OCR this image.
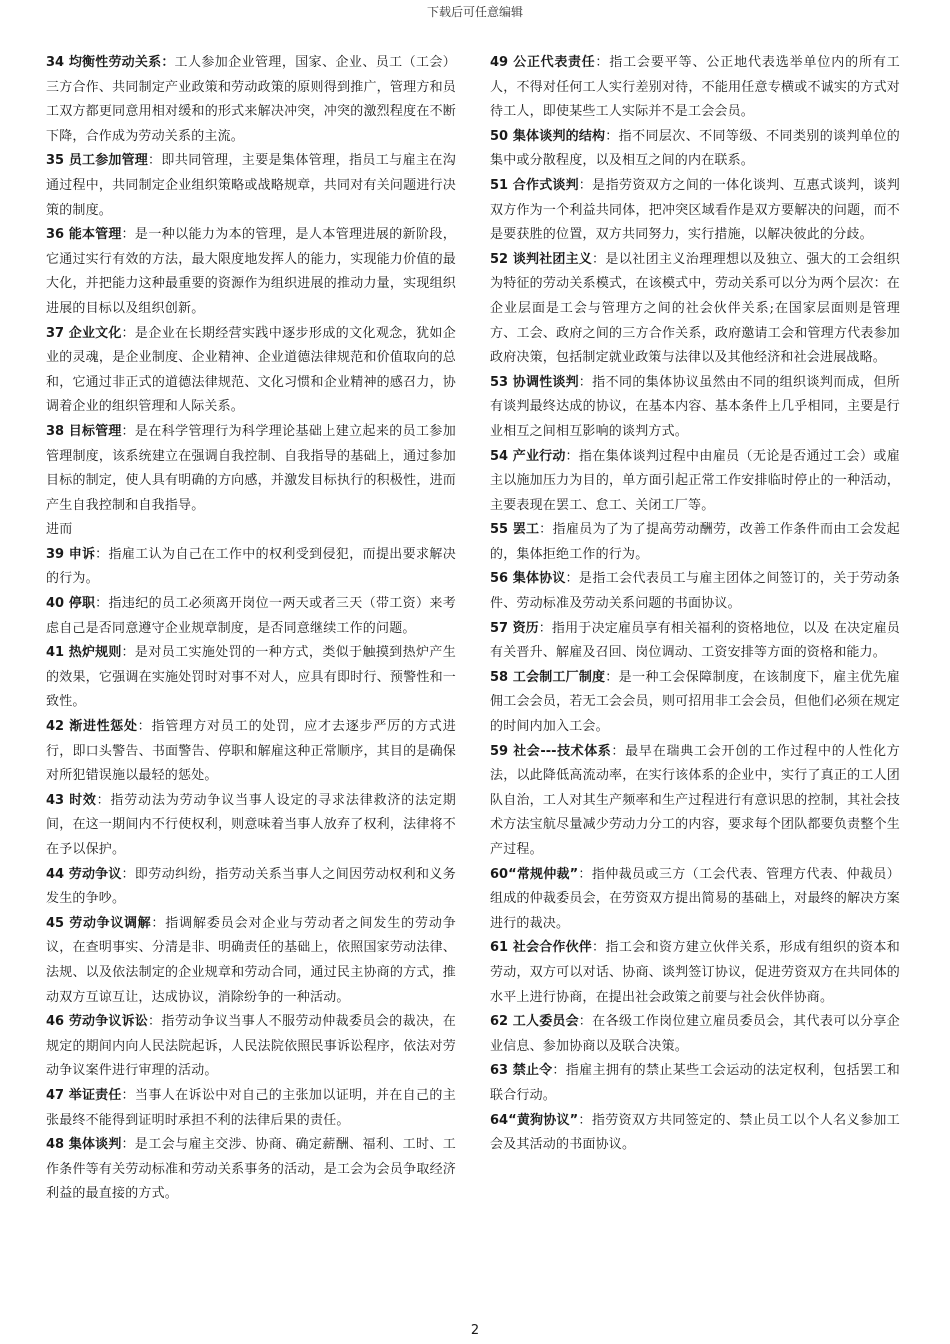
下载后可任意编辑

34 均衡性劳动关系：工人参加企业管理，国家、企业、员工（工会）三方合作、共同制定产业政策和劳动政策的原则得到推广，管理方和员工双方都更同意用相对缓和的形式来解决冲突，冲突的激烈程度在不断下降，合作成为劳动关系的主流。

35 员工参加管理：即共同管理，主要是集体管理，指员工与雇主在沟通过程中，共同制定企业组织策略或战略规章，共同对有关问题进行决策的制度。

36 能本管理：是一种以能力为本的管理，是人本管理进展的新阶段，它通过实行有效的方法，最大限度地发挥人的能力，实现能力价值的最大化，并把能力这种最重要的资源作为组织进展的推动力量，实现组织进展的目标以及组织创新。

37 企业文化：是企业在长期经营实践中逐步形成的文化观念，犹如企业的灵魂，是企业制度、企业精神、企业道德法律规范和价值取向的总和，它通过非正式的道德法律规范、文化习惯和企业精神的感召力，协调着企业的组织管理和人际关系。

38 目标管理：是在科学管理行为科学理论基础上建立起来的员工参加管理制度，该系统建立在强调自我控制、自我指导的基础上，通过参加目标的制定，使人具有明确的方向感，并激发目标执行的积极性，进而产生自我控制和自我指导。

进而

39 申诉：指雇工认为自己在工作中的权利受到侵犯，而提出要求解决的行为。

40 停职：指违纪的员工必须离开岗位一两天或者三天（带工资）来考虑自己是否同意遵守企业规章制度，是否同意继续工作的问题。

41 热炉规则：是对员工实施处罚的一种方式，类似于触摸到热炉产生的效果，它强调在实施处罚时对事不对人，应具有即时行、预警性和一致性。

42 渐进性惩处：指管理方对员工的处罚，应才去逐步严厉的方式进行，即口头警告、书面警告、停职和解雇这种正常顺序，其目的是确保对所犯错误施以最轻的惩处。

43 时效：指劳动法为劳动争议当事人设定的寻求法律救济的法定期间，在这一期间内不行使权利，则意味着当事人放弃了权利，法律将不在予以保护。

44 劳动争议：即劳动纠纷，指劳动关系当事人之间因劳动权利和义务发生的争吵。

45 劳动争议调解：指调解委员会对企业与劳动者之间发生的劳动争议，在查明事实、分清是非、明确责任的基础上，依照国家劳动法律、法规、以及依法制定的企业规章和劳动合同，通过民主协商的方式，推动双方互谅互让，达成协议，消除纷争的一种活动。

46 劳动争议诉讼：指劳动争议当事人不服劳动仲裁委员会的裁决，在规定的期间内向人民法院起诉，人民法院依照民事诉讼程序，依法对劳动争议案件进行审理的活动。

47 举证责任：当事人在诉讼中对自己的主张加以证明，并在自己的主张最终不能得到证明时承担不利的法律后果的责任。

48 集体谈判：是工会与雇主交涉、协商、确定薪酬、福利、工时、工作条件等有关劳动标准和劳动关系事务的活动，是工会为会员争取经济利益的最直接的方式。

49 公正代表责任：指工会要平等、公正地代表选举单位内的所有工人，不得对任何工人实行差别对待，不能用任意专横或不诚实的方式对待工人，即使某些工人实际并不是工会会员。

50 集体谈判的结构：指不同层次、不同等级、不同类别的谈判单位的集中或分散程度，以及相互之间的内在联系。

51 合作式谈判：是指劳资双方之间的一体化谈判、互惠式谈判，谈判双方作为一个利益共同体，把冲突区域看作是双方要解决的问题，而不是要获胜的位置，双方共同努力，实行措施，以解决彼此的分歧。

52 谈判社团主义：是以社团主义治理理想以及独立、强大的工会组织为特征的劳动关系模式，在该模式中，劳动关系可以分为两个层次：在企业层面是工会与管理方之间的社会伙伴关系;在国家层面则是管理方、工会、政府之间的三方合作关系，政府邀请工会和管理方代表参加政府决策，包括制定就业政策与法律以及其他经济和社会进展战略。

53 协调性谈判：指不同的集体协议虽然由不同的组织谈判而成，但所有谈判最终达成的协议，在基本内容、基本条件上几乎相同，主要是行业相互之间相互影响的谈判方式。

54 产业行动：指在集体谈判过程中由雇员（无论是否通过工会）或雇主以施加压力为目的，单方面引起正常工作安排临时停止的一种活动，主要表现在罢工、怠工、关闭工厂等。

55 罢工：指雇员为了为了提高劳动酬劳，改善工作条件而由工会发起的，集体拒绝工作的行为。

56 集体协议：是指工会代表员工与雇主团体之间签订的，关于劳动条件、劳动标准及劳动关系问题的书面协议。

57 资历：指用于决定雇员享有相关福利的资格地位，以及 在决定雇员有关晋升、解雇及召回、岗位调动、工资安排等方面的资格和能力。

58 工会制工厂制度：是一种工会保障制度，在该制度下，雇主优先雇佣工会会员，若无工会会员，则可招用非工会会员，但他们必须在规定的时间内加入工会。

59 社会---技术体系：最早在瑞典工会开创的工作过程中的人性化方法，以此降低高流动率，在实行该体系的企业中，实行了真正的工人团队自治，工人对其生产频率和生产过程进行有意识思的控制，其社会技术方法宝航尽量减少劳动力分工的内容，要求每个团队都要负责整个生产过程。

60“常规仲裁”：指仲裁员或三方（工会代表、管理方代表、仲裁员）组成的仲裁委员会，在劳资双方提出简易的基础上，对最终的解决方案进行的裁决。

61 社会合作伙伴：指工会和资方建立伙伴关系，形成有组织的资本和劳动，双方可以对话、协商、谈判签订协议，促进劳资双方在共同体的水平上进行协商，在提出社会政策之前要与社会伙伴协商。

62 工人委员会：在各级工作岗位建立雇员委员会，其代表可以分享企业信息、参加协商以及联合决策。

63 禁止令：指雇主拥有的禁止某些工会运动的法定权利，包括罢工和联合行动。

64“黄狗协议”：指劳资双方共同签定的、禁止员工以个人名义参加工会及其活动的书面协议。

2
